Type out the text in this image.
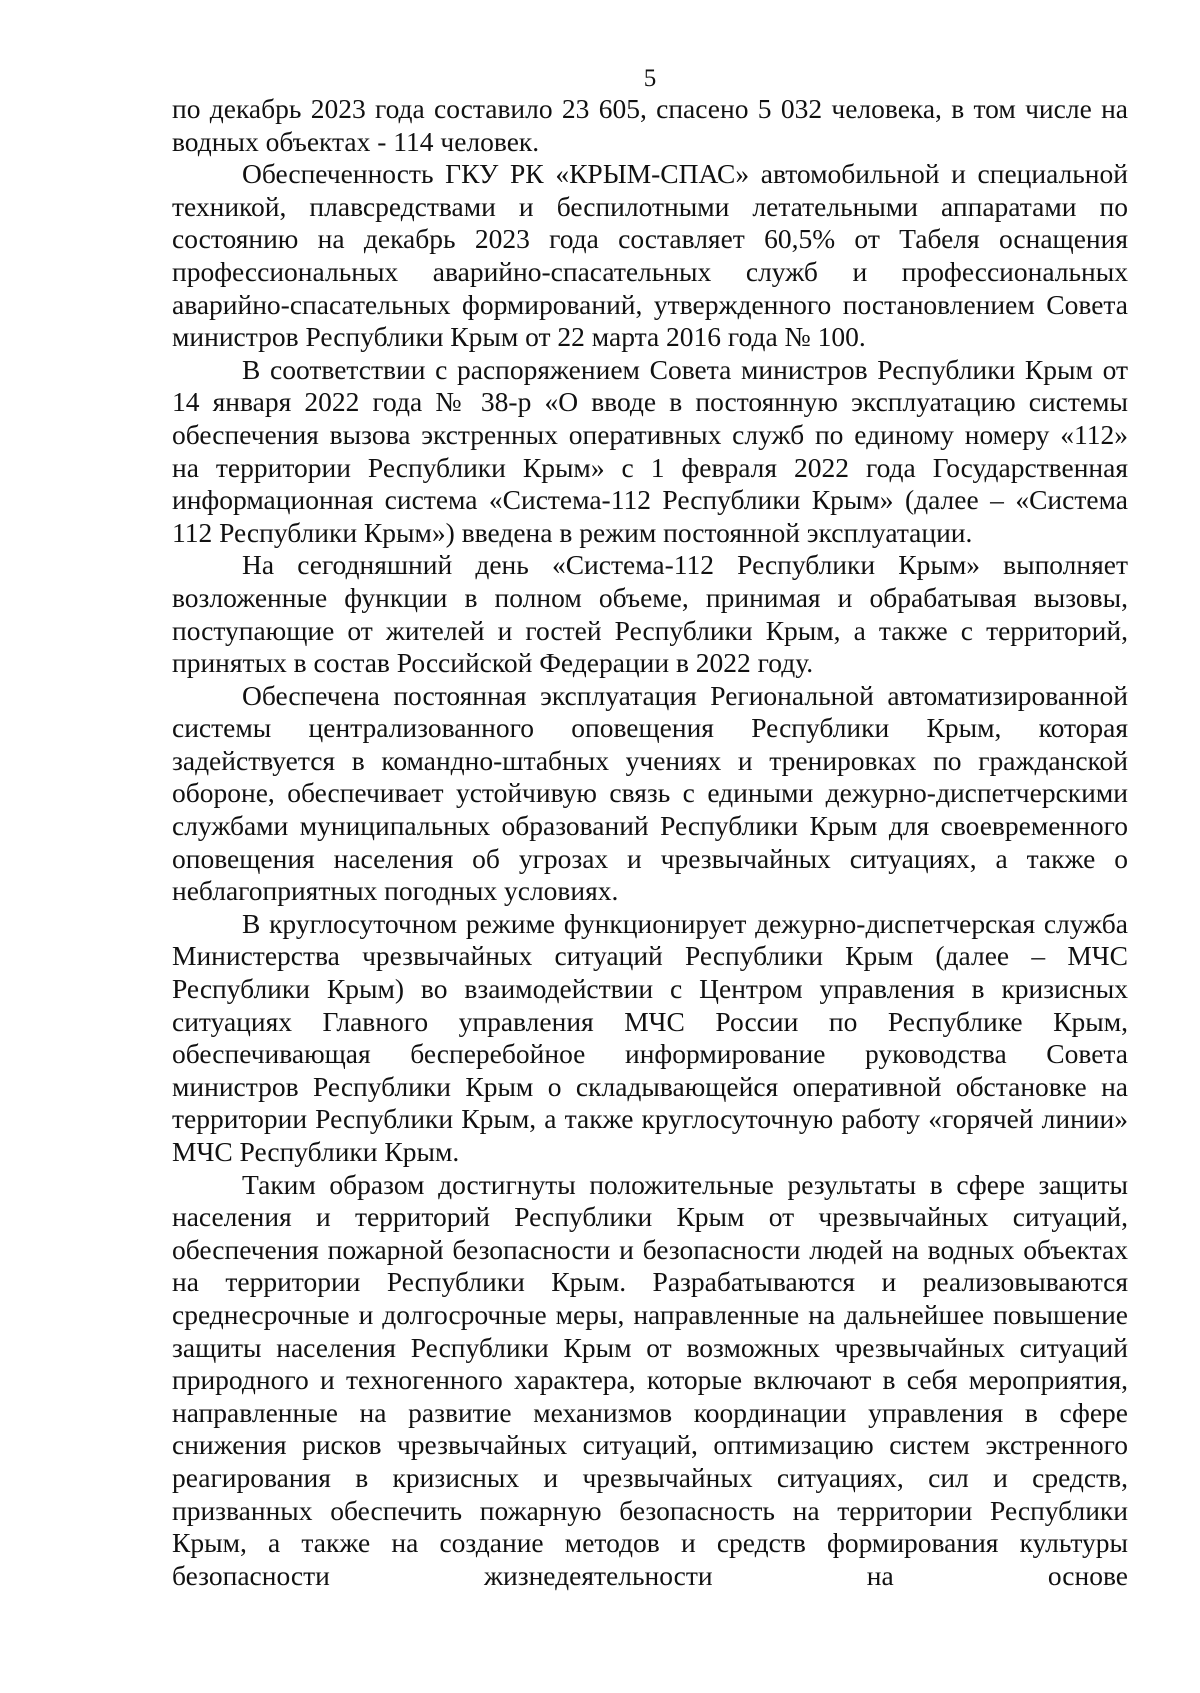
5

по декабрь 2023 года составило 23 605, спасено 5 032 человека, в том числе на водных объектах - 114 человек.

Обеспеченность ГКУ РК «КРЫМ-СПАС» автомобильной и специальной техникой, плавсредствами и беспилотными летательными аппаратами по состоянию на декабрь 2023 года составляет 60,5% от Табеля оснащения профессиональных аварийно-спасательных служб и профессиональных аварийно-спасательных формирований, утвержденного постановлением Совета министров Республики Крым от 22 марта 2016 года № 100.

В соответствии с распоряжением Совета министров Республики Крым от 14 января 2022 года № 38-р «О вводе в постоянную эксплуатацию системы обеспечения вызова экстренных оперативных служб по единому номеру «112» на территории Республики Крым» с 1 февраля 2022 года Государственная информационная система «Система-112 Республики Крым» (далее – «Система 112 Республики Крым») введена в режим постоянной эксплуатации.

На сегодняшний день «Система-112 Республики Крым» выполняет возложенные функции в полном объеме, принимая и обрабатывая вызовы, поступающие от жителей и гостей Республики Крым, а также с территорий, принятых в состав Российской Федерации в 2022 году.

Обеспечена постоянная эксплуатация Региональной автоматизированной системы централизованного оповещения Республики Крым, которая задействуется в командно-штабных учениях и тренировках по гражданской обороне, обеспечивает устойчивую связь с едиными дежурно-диспетчерскими службами муниципальных образований Республики Крым для своевременного оповещения населения об угрозах и чрезвычайных ситуациях, а также о неблагоприятных погодных условиях.

В круглосуточном режиме функционирует дежурно-диспетчерская служба Министерства чрезвычайных ситуаций Республики Крым (далее – МЧС Республики Крым) во взаимодействии с Центром управления в кризисных ситуациях Главного управления МЧС России по Республике Крым, обеспечивающая бесперебойное информирование руководства Совета министров Республики Крым о складывающейся оперативной обстановке на территории Республики Крым, а также круглосуточную работу «горячей линии» МЧС Республики Крым.

Таким образом достигнуты положительные результаты в сфере защиты населения и территорий Республики Крым от чрезвычайных ситуаций, обеспечения пожарной безопасности и безопасности людей на водных объектах на территории Республики Крым. Разрабатываются и реализовываются среднесрочные и долгосрочные меры, направленные на дальнейшее повышение защиты населения Республики Крым от возможных чрезвычайных ситуаций природного и техногенного характера, которые включают в себя мероприятия, направленные на развитие механизмов координации управления в сфере снижения рисков чрезвычайных ситуаций, оптимизацию систем экстренного реагирования в кризисных и чрезвычайных ситуациях, сил и средств, призванных обеспечить пожарную безопасность на территории Республики Крым, а также на создание методов и средств формирования культуры безопасности жизнедеятельности на основе
